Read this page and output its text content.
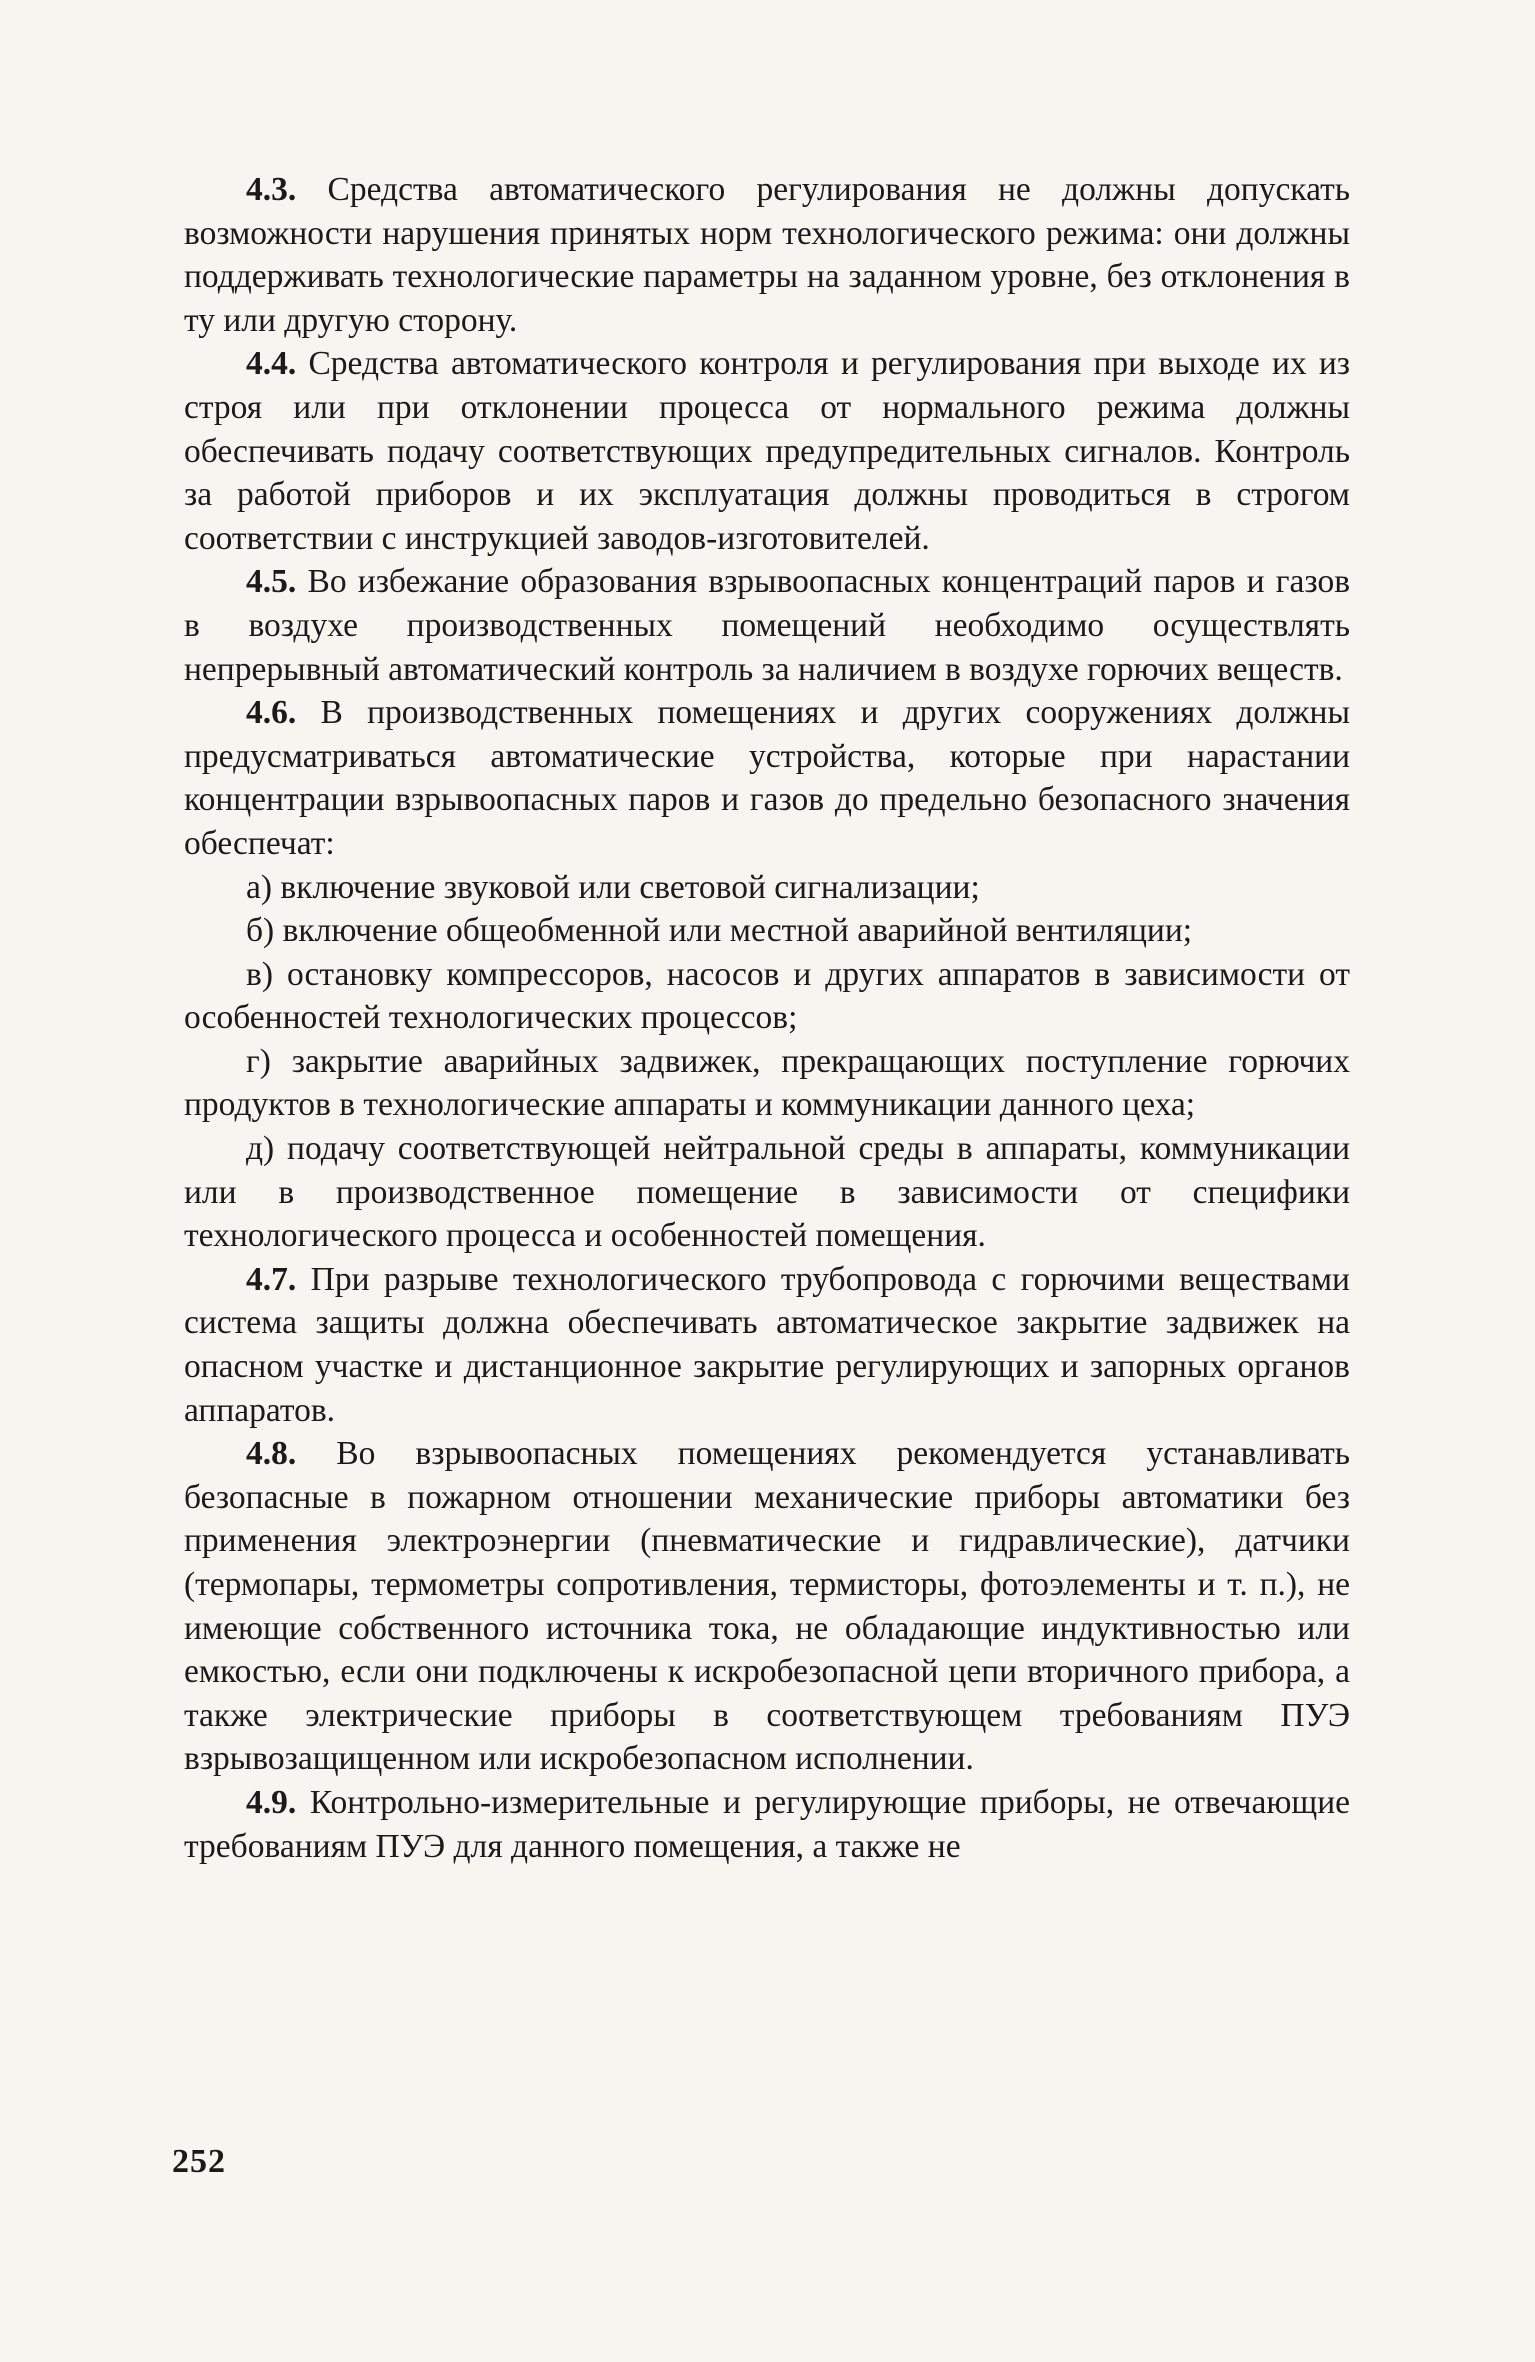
4.3. Средства автоматического регулирования не должны допускать возможности нарушения принятых норм технологического режима: они должны поддерживать технологические параметры на заданном уровне, без отклонения в ту или другую сторону.

4.4. Средства автоматического контроля и регулирования при выходе их из строя или при отклонении процесса от нормального режима должны обеспечивать подачу соответствующих предупредительных сигналов. Контроль за работой приборов и их эксплуатация должны проводиться в строгом соответствии с инструкцией заводов-изготовителей.

4.5. Во избежание образования взрывоопасных концентраций паров и газов в воздухе производственных помещений необходимо осуществлять непрерывный автоматический контроль за наличием в воздухе горючих веществ.

4.6. В производственных помещениях и других сооружениях должны предусматриваться автоматические устройства, которые при нарастании концентрации взрывоопасных паров и газов до предельно безопасного значения обеспечат:

а) включение звуковой или световой сигнализации;

б) включение общеобменной или местной аварийной вентиляции;

в) остановку компрессоров, насосов и других аппаратов в зависимости от особенностей технологических процессов;

г) закрытие аварийных задвижек, прекращающих поступление горючих продуктов в технологические аппараты и коммуникации данного цеха;

д) подачу соответствующей нейтральной среды в аппараты, коммуникации или в производственное помещение в зависимости от специфики технологического процесса и особенностей помещения.

4.7. При разрыве технологического трубопровода с горючими веществами система защиты должна обеспечивать автоматическое закрытие задвижек на опасном участке и дистанционное закрытие регулирующих и запорных органов аппаратов.

4.8. Во взрывоопасных помещениях рекомендуется устанавливать безопасные в пожарном отношении механические приборы автоматики без применения электроэнергии (пневматические и гидравлические), датчики (термопары, термометры сопротивления, термисторы, фотоэлементы и т. п.), не имеющие собственного источника тока, не обладающие индуктивностью или емкостью, если они подключены к искробезопасной цепи вторичного прибора, а также электрические приборы в соответствующем требованиям ПУЭ взрывозащищенном или искробезопасном исполнении.

4.9. Контрольно-измерительные и регулирующие приборы, не отвечающие требованиям ПУЭ для данного помещения, а также не

252
